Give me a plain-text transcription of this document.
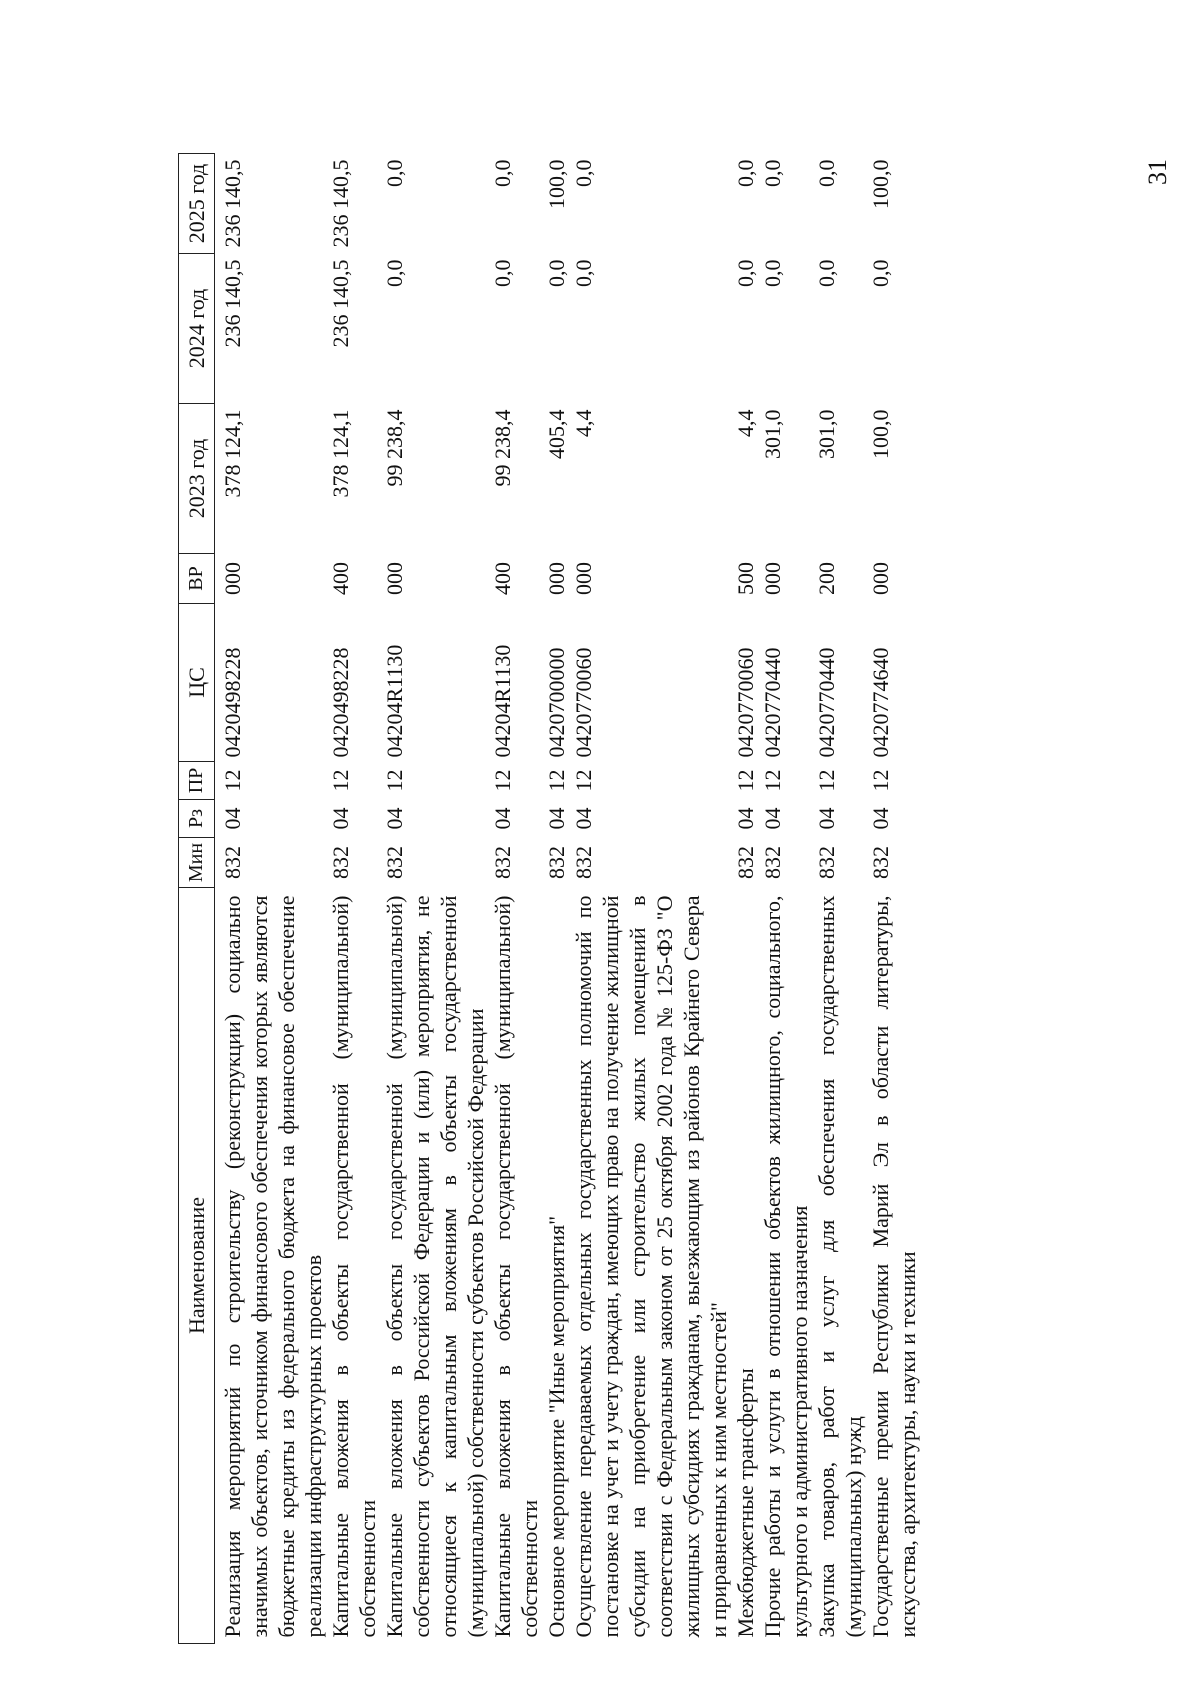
31
Наименование	Мин	Рз	ПР	ЦС	ВР	2023 год	2024 год	2025 год
Реализация мероприятий по строительству (реконструкции) социально значимых объектов, источником финансового обеспечения которых являются бюджетные кредиты из федерального бюджета на финансовое обеспечение реализации инфраструктурных проектов	832	04	12	0420498228	000	378 124,1	236 140,5	236 140,5
Капитальные вложения в объекты государственной (муниципальной) собственности	832	04	12	0420498228	400	378 124,1	236 140,5	236 140,5
Капитальные вложения в объекты государственной (муниципальной) собственности субъектов Российской Федерации и (или) мероприятия, не относящиеся к капитальным вложениям в объекты государственной (муниципальной) собственности субъектов Российской Федерации	832	04	12	04204R1130	000	99 238,4	0,0	0,0
Капитальные вложения в объекты государственной (муниципальной) собственности	832	04	12	04204R1130	400	99 238,4	0,0	0,0
Основное мероприятие "Иные мероприятия"	832	04	12	0420700000	000	405,4	0,0	100,0
Осуществление передаваемых отдельных государственных полномочий по постановке на учет и учету граждан, имеющих право на получение жилищной субсидии на приобретение или строительство жилых помещений в соответствии с Федеральным законом от 25 октября 2002 года № 125-ФЗ "О жилищных субсидиях гражданам, выезжающим из районов Крайнего Севера и приравненных к ним местностей"	832	04	12	0420770060	000	4,4	0,0	0,0
Межбюджетные трансферты	832	04	12	0420770060	500	4,4	0,0	0,0
Прочие работы и услуги в отношении объектов жилищного, социального, культурного и административного назначения	832	04	12	0420770440	000	301,0	0,0	0,0
Закупка товаров, работ и услуг для обеспечения государственных (муниципальных) нужд	832	04	12	0420770440	200	301,0	0,0	0,0
Государственные премии Республики Марий Эл в области литературы, искусства, архитектуры, науки и техники	832	04	12	0420774640	000	100,0	0,0	100,0
